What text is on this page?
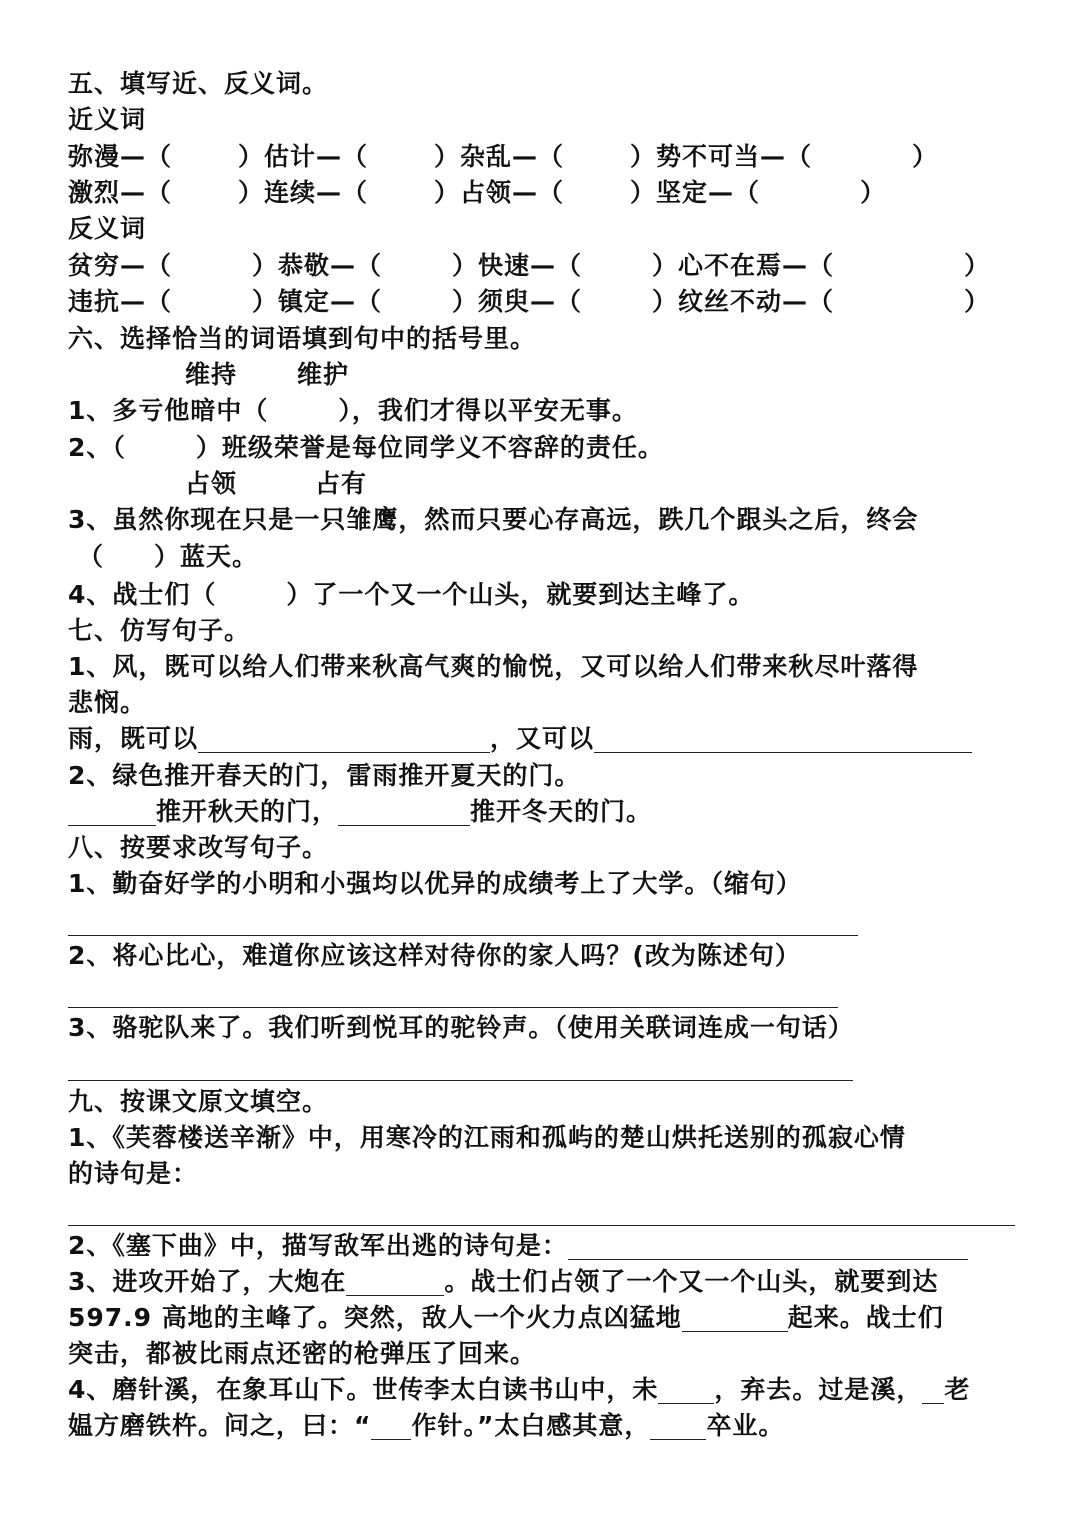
五、填写近、反义词。
近义词
弥漫—（	）估计—（	）杂乱—（	）势不可当—（	）
激烈—（	）连续—（	）占领—（	）坚定—（	）
反义词
贫穷—（	）恭敬—（	）快速—（	）心不在焉—（	）
违抗—（	）镇定—（	）须臾—（	）纹丝不动—（	）
六、选择恰当的词语填到句中的括号里。
维持 维护
1、多亏他暗中（	），我们才得以平安无事。
2、（	）班级荣誉是每位同学义不容辞的责任。
占领	占有
3、虽然你现在只是一只雏鹰，然而只要心存高远，跌几个跟头之后，终会
（ ）蓝天。
4、战士们（	）了一个又一个山头，就要到达主峰了。
七、仿写句子。
1、风，既可以给人们带来秋高气爽的愉悦，又可以给人们带来秋尽叶落得
悲悯。
雨，既可以	，又可以
2、绿色推开春天的门，雷雨推开夏天的门。
推开秋天的门，	推开冬天的门。
八、按要求改写句子。
1、勤奋好学的小明和小强均以优异的成绩考上了大学。（缩句）
2、将心比心，难道你应该这样对待你的家人吗？(改为陈述句）
3、骆驼队来了。我们听到悦耳的驼铃声。（使用关联词连成一句话）
九、按课文原文填空。
1、《芙蓉楼送辛渐》中，用寒冷的江雨和孤屿的楚山烘托送别的孤寂心情
的诗句是：
2、《塞下曲》中，描写敌军出逃的诗句是：
3、进攻开始了，大炮在	。战士们占领了一个又一个山头，就要到达
597.9 高地的主峰了。突然，敌人一个火力点凶猛地	起来。战士们
突击，都被比雨点还密的枪弹压了回来。
4、磨针溪，在象耳山下。世传李太白读书山中，未 ，弃去。过是溪， 老
媪方磨铁杵。问之，曰：“ 作针。”太白感其意， 卒业。
